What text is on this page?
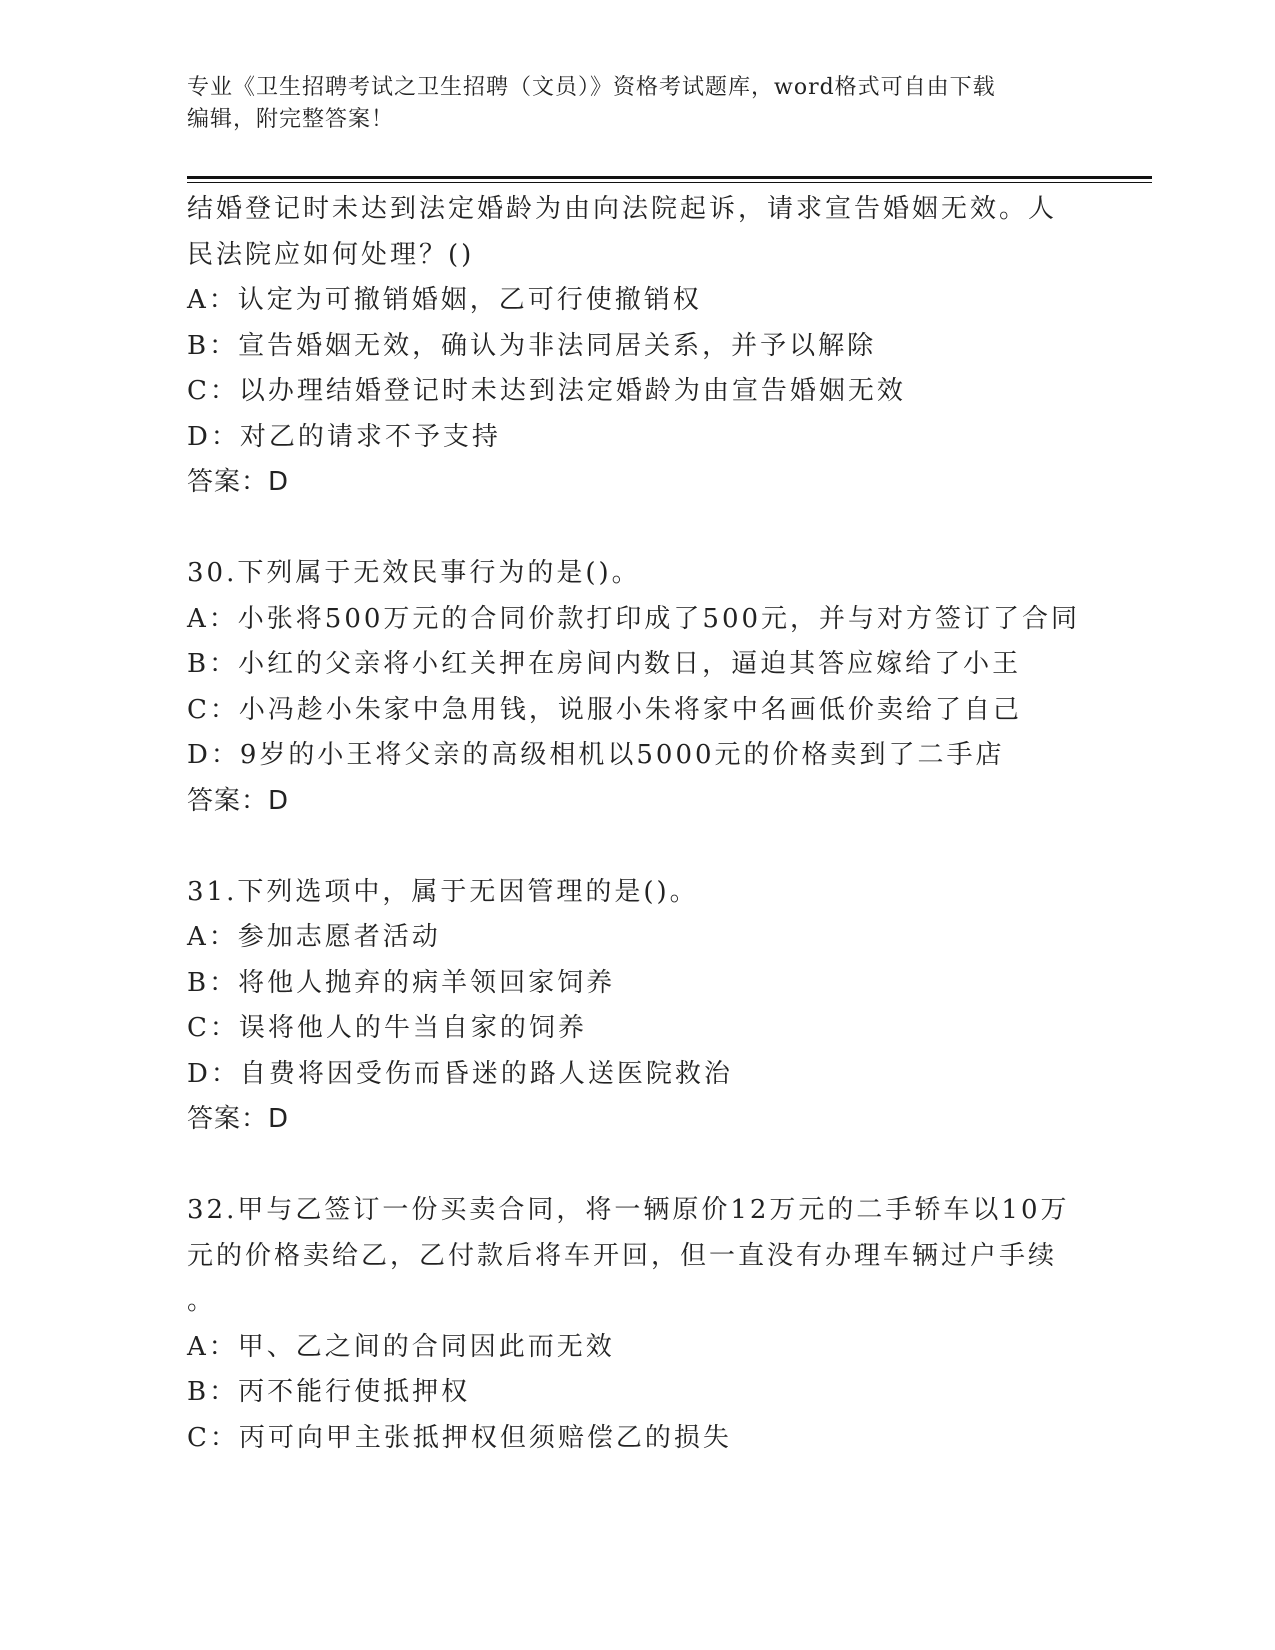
专业《卫生招聘考试之卫生招聘（文员）》资格考试题库，word格式可自由下载
编辑，附完整答案！
结婚登记时未达到法定婚龄为由向法院起诉，请求宣告婚姻无效。人
民法院应如何处理？()
A：认定为可撤销婚姻，乙可行使撤销权
B：宣告婚姻无效，确认为非法同居关系，并予以解除
C：以办理结婚登记时未达到法定婚龄为由宣告婚姻无效
D：对乙的请求不予支持
答案：D
30.下列属于无效民事行为的是()。
A：小张将500万元的合同价款打印成了500元，并与对方签订了合同
B：小红的父亲将小红关押在房间内数日，逼迫其答应嫁给了小王
C：小冯趁小朱家中急用钱，说服小朱将家中名画低价卖给了自己
D：9岁的小王将父亲的高级相机以5000元的价格卖到了二手店
答案：D
31.下列选项中，属于无因管理的是()。
A：参加志愿者活动
B：将他人抛弃的病羊领回家饲养
C：误将他人的牛当自家的饲养
D：自费将因受伤而昏迷的路人送医院救治
答案：D
32.甲与乙签订一份买卖合同，将一辆原价12万元的二手轿车以10万
元的价格卖给乙，乙付款后将车开回，但一直没有办理车辆过户手续
。
A：甲、乙之间的合同因此而无效
B：丙不能行使抵押权
C：丙可向甲主张抵押权但须赔偿乙的损失
